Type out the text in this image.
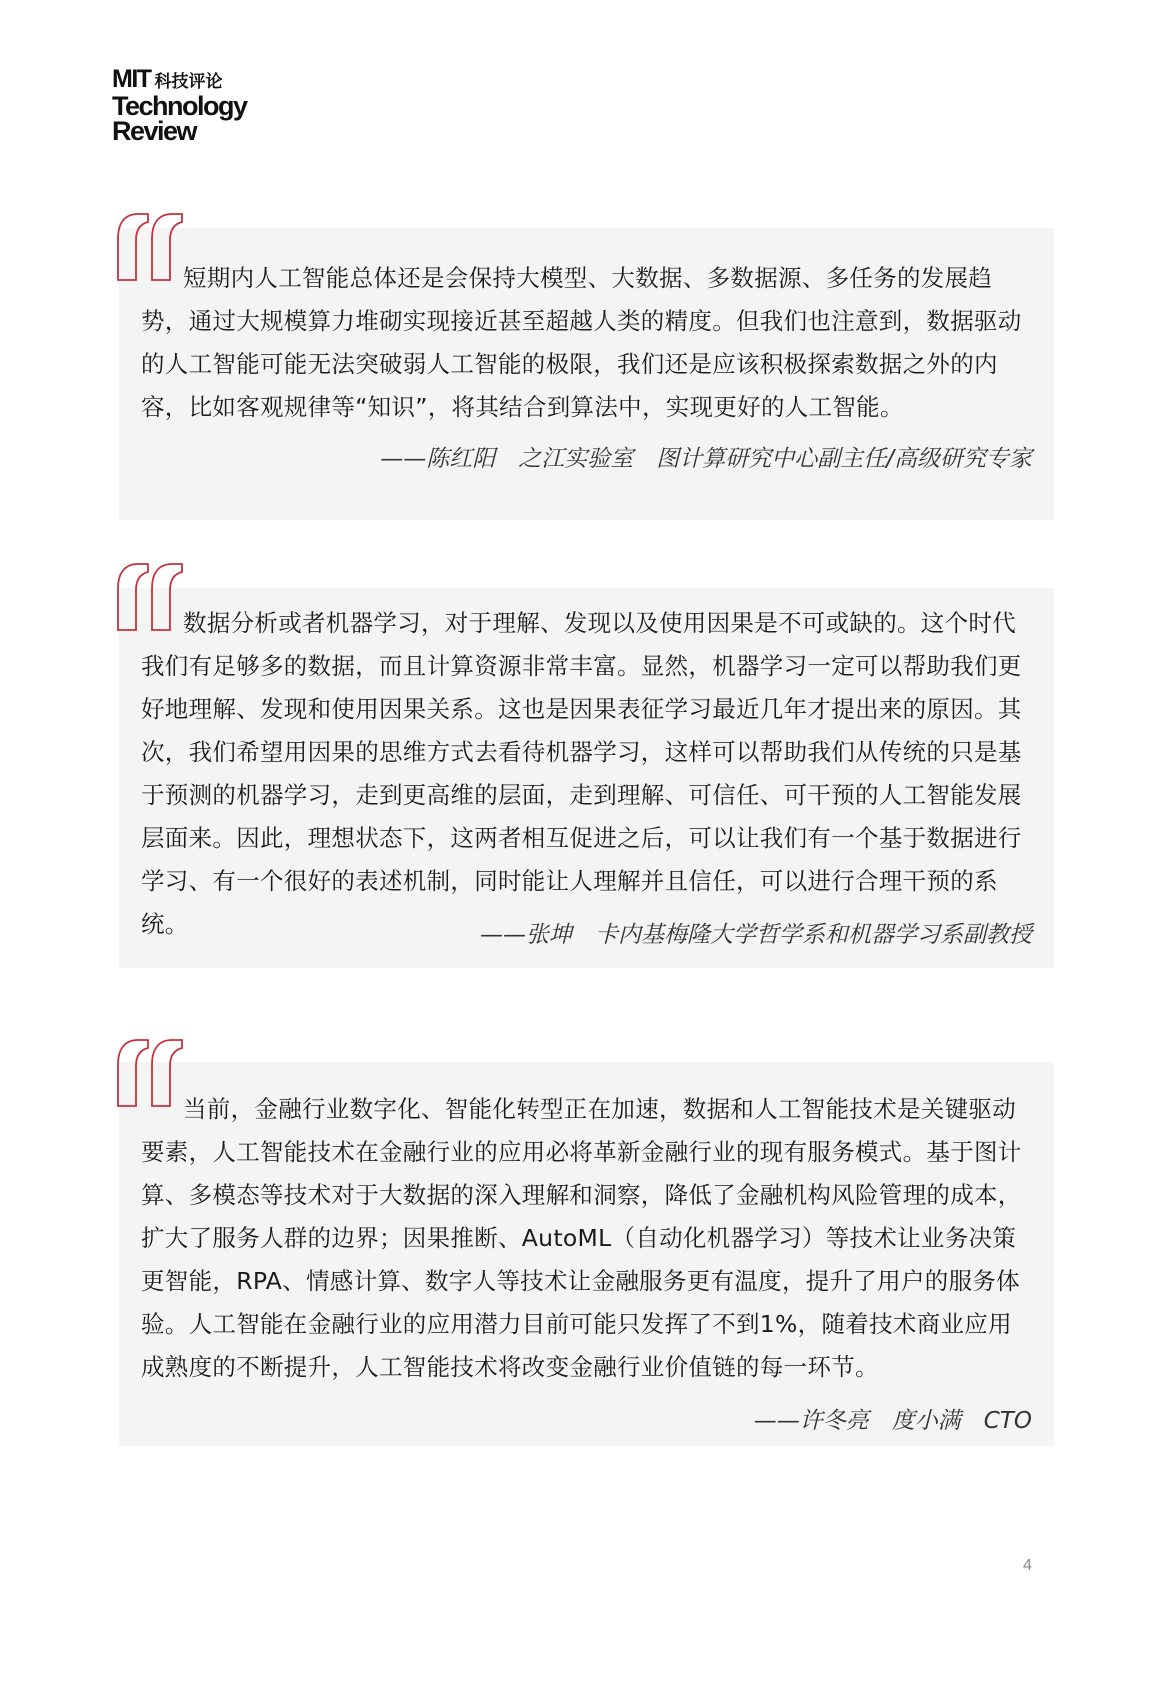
MIT 科技评论
Technology
Review

短期内人工智能总体还是会保持大模型、大数据、多数据源、多任务的发展趋势，通过大规模算力堆砌实现接近甚至超越人类的精度。但我们也注意到，数据驱动的人工智能可能无法突破弱人工智能的极限，我们还是应该积极探索数据之外的内容，比如客观规律等“知识”，将其结合到算法中，实现更好的人工智能。

——陈红阳　之江实验室　图计算研究中心副主任/高级研究专家

数据分析或者机器学习，对于理解、发现以及使用因果是不可或缺的。这个时代我们有足够多的数据，而且计算资源非常丰富。显然，机器学习一定可以帮助我们更好地理解、发现和使用因果关系。这也是因果表征学习最近几年才提出来的原因。其次，我们希望用因果的思维方式去看待机器学习，这样可以帮助我们从传统的只是基于预测的机器学习，走到更高维的层面，走到理解、可信任、可干预的人工智能发展层面来。因此，理想状态下，这两者相互促进之后，可以让我们有一个基于数据进行学习、有一个很好的表述机制，同时能让人理解并且信任，可以进行合理干预的系统。	——张坤　卡内基梅隆大学哲学系和机器学习系副教授

当前，金融行业数字化、智能化转型正在加速，数据和人工智能技术是关键驱动要素，人工智能技术在金融行业的应用必将革新金融行业的现有服务模式。基于图计算、多模态等技术对于大数据的深入理解和洞察，降低了金融机构风险管理的成本，扩大了服务人群的边界；因果推断、AutoML（自动化机器学习）等技术让业务决策更智能，RPA、情感计算、数字人等技术让金融服务更有温度，提升了用户的服务体验。人工智能在金融行业的应用潜力目前可能只发挥了不到1%，随着技术商业应用成熟度的不断提升，人工智能技术将改变金融行业价值链的每一环节。

——许冬亮　度小满　CTO
4
